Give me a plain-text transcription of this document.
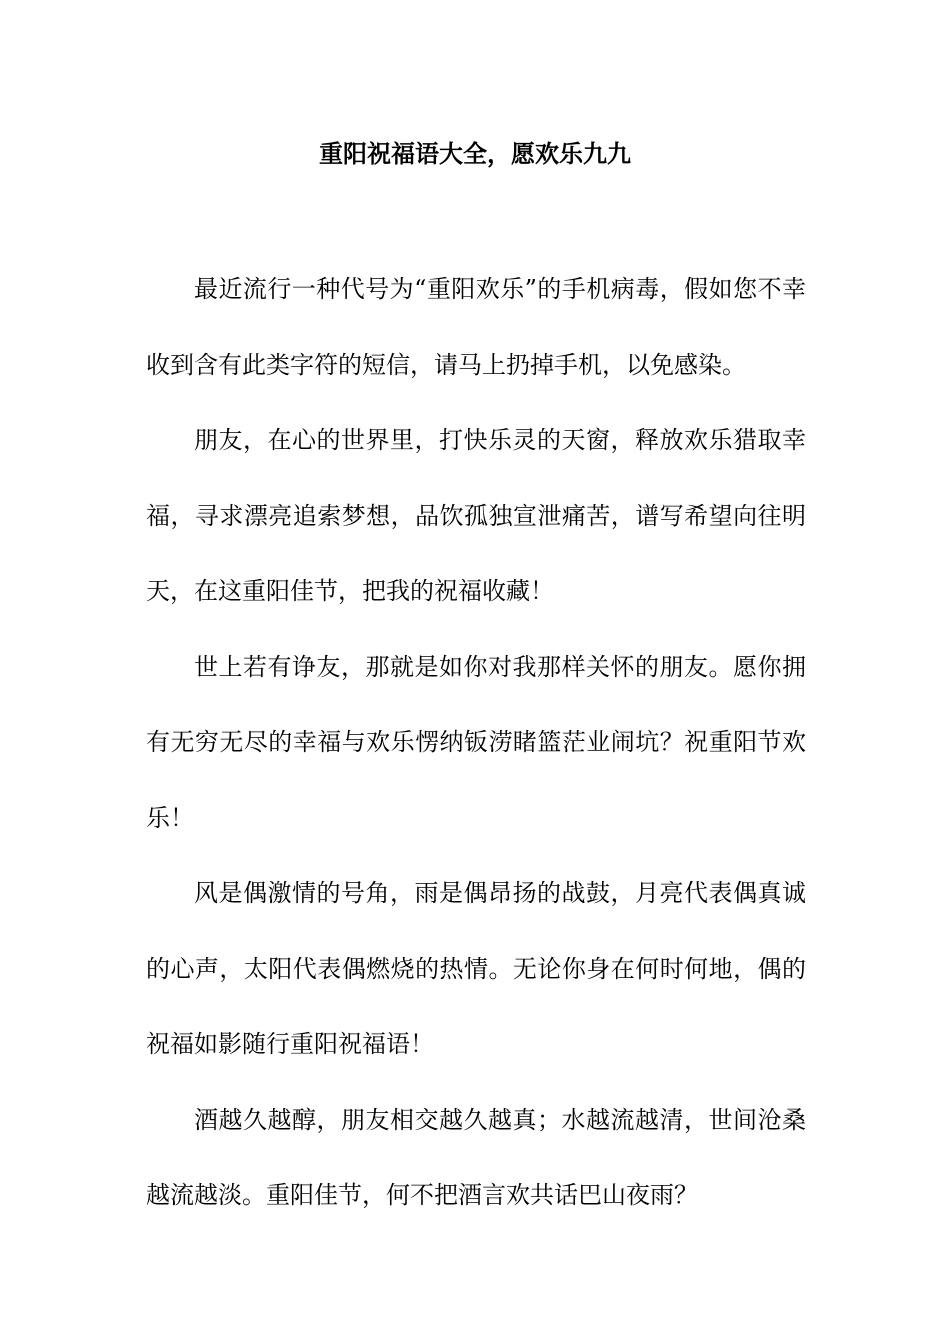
重阳祝福语大全，愿欢乐九九

最近流行一种代号为“重阳欢乐”的手机病毒，假如您不幸收到含有此类字符的短信，请马上扔掉手机，以免感染。

朋友，在心的世界里，打快乐灵的天窗，释放欢乐猎取幸福，寻求漂亮追索梦想，品饮孤独宣泄痛苦，谱写希望向往明天，在这重阳佳节，把我的祝福收藏！

世上若有诤友，那就是如你对我那样关怀的朋友。愿你拥有无穷无尽的幸福与欢乐愣纳钣涝睹篮茫业闹坑？祝重阳节欢乐！

风是偶激情的号角，雨是偶昂扬的战鼓，月亮代表偶真诚的心声，太阳代表偶燃烧的热情。无论你身在何时何地，偶的祝福如影随行重阳祝福语！

酒越久越醇，朋友相交越久越真；水越流越清，世间沧桑越流越淡。重阳佳节，何不把酒言欢共话巴山夜雨？
